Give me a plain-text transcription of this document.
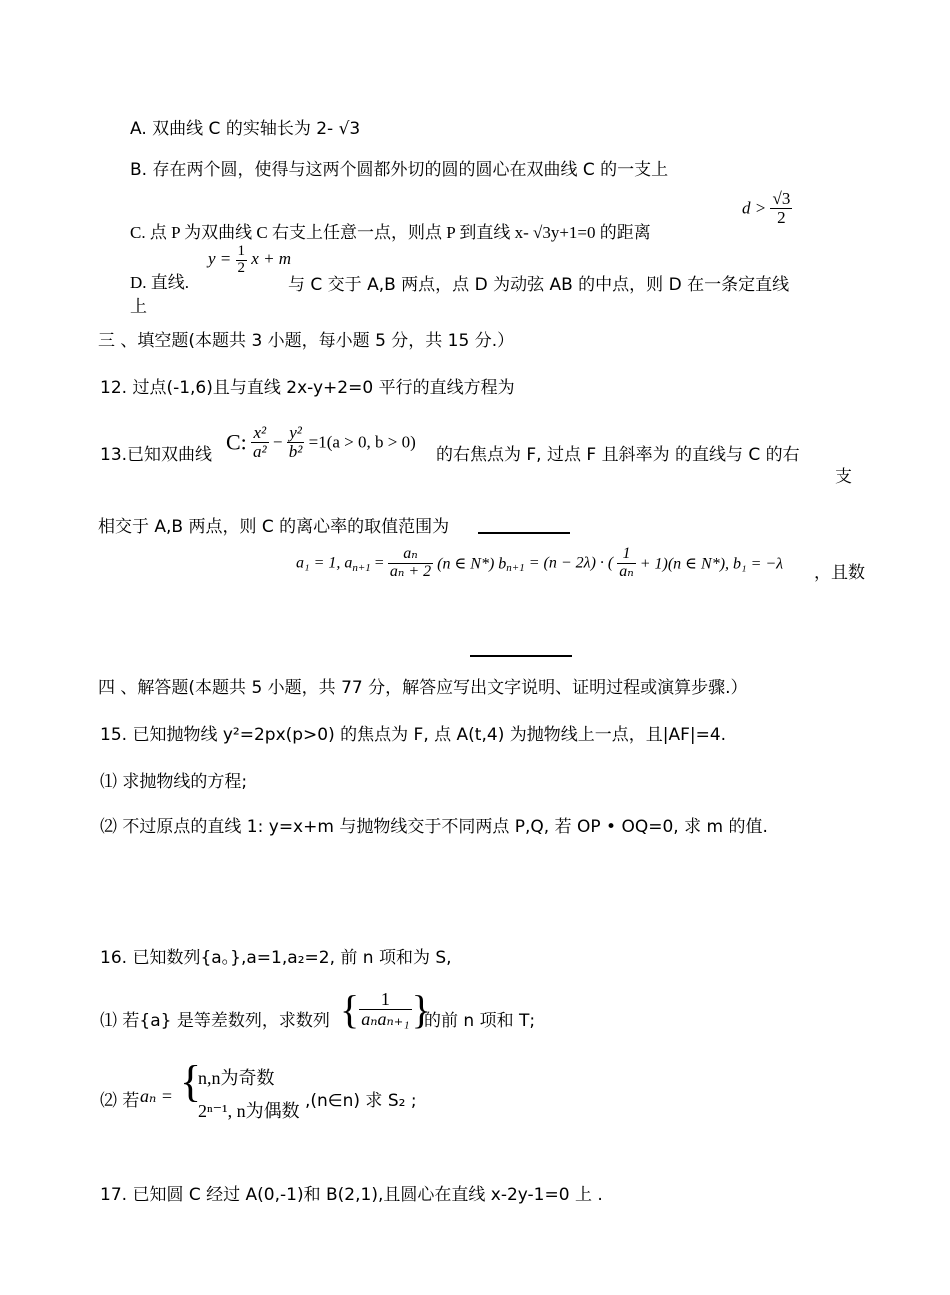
A. 双曲线 C 的实轴长为 2- √3
B. 存在两个圆，使得与这两个圆都外切的圆的圆心在双曲线 C 的一支上
C. 点 P 为双曲线 C 右支上任意一点，则点 P 到直线 x- √3y+1=0 的距离
$d > \frac{√3}{2}$
D. 直线.
$y = \frac{1}{2}$ x + m
与 C 交于 A,B 两点，点 D 为动弦 AB 的中点，则 D 在一条定直线
上
三 、填空题(本题共 3 小题，每小题 5 分，共 15 分.）
12. 过点(-1,6)且与直线 2x-y+2=0 平行的直线方程为
13.已知双曲线
C: $\frac{\text{x²}}{\text{a²}} - \frac{\text{y²}}{\text{b²}} =1(a > 0$, b > 0)
的右焦点为 F, 过点 F 且斜率为 的直线与 C 的右
支
相交于 A,B 两点，则 C 的离心率的取值范围为
a₁ = 1, $a_{n+1} = \frac{\text{aₙ}}{\text{aₙ + 2}} (n$ ∈ N*) $b_{n+1} = (n - 2\lambda)$ · ( $\frac{1}{\text{aₙ}} + 1)(n$ ∈ N*), b₁ = −λ ，且数
四 、解答题(本题共 5 小题，共 77 分，解答应写出文字说明、证明过程或演算步骤.）
15. 已知抛物线 y²=2px(p>0) 的焦点为 F, 点 A(t,4) 为抛物线上一点，且|AF|=4.
⑴ 求抛物线的方程;
⑵ 不过原点的直线 1: y=x+m 与抛物线交于不同两点 P,Q, 若 OP • OQ=0, 求 m 的值.
16. 已知数列{a。},a=1,a₂=2, 前 n 项和为 S,
⑴ 若{a} 是等差数列，求数列 { $\frac{1}{\text{aₙaₙ₊₁}}$ }
的前 n 项和 T;
⑵ 若 aₙ = {
n,n为奇数
2ⁿ⁻¹, n为偶数 ,(n∈n) 求 S₂ ;
17. 已知圆 C 经过 A(0,-1)和 B(2,1),且圆心在直线 x-2y-1=0 上 .
